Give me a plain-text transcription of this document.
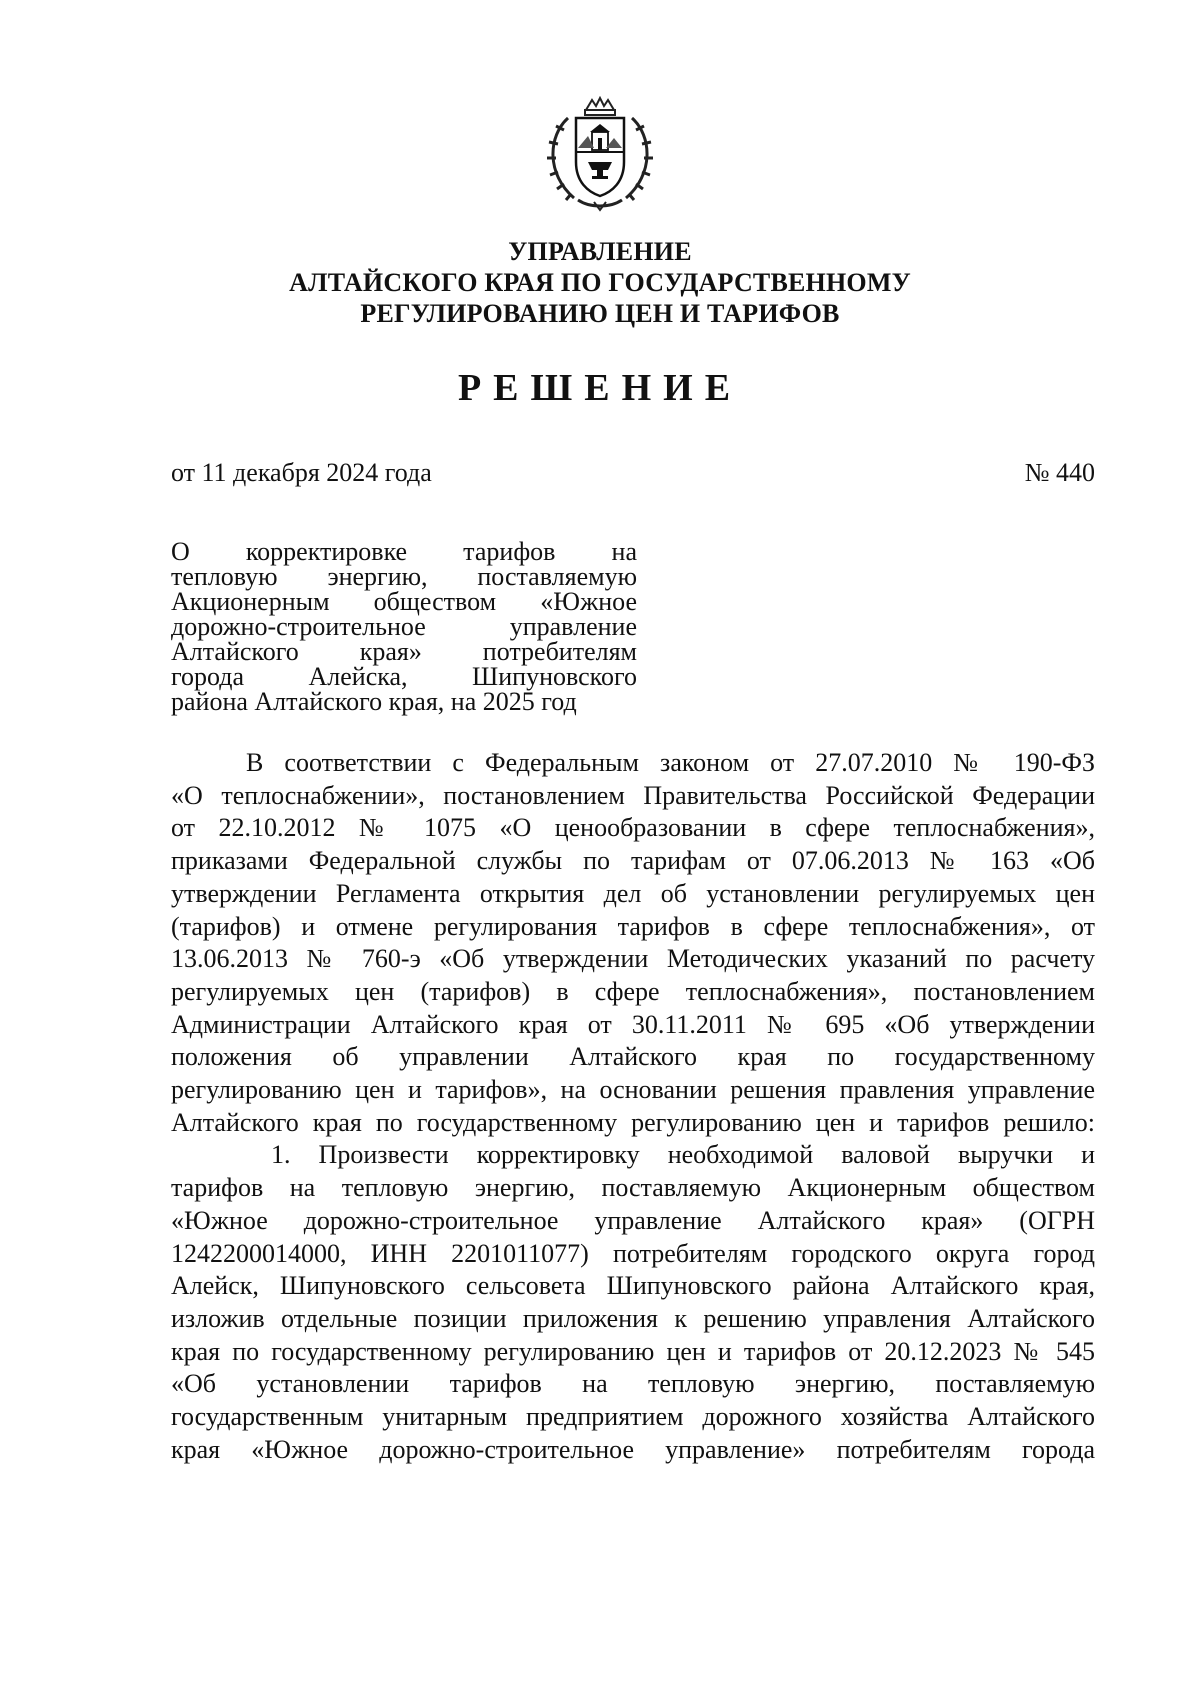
УПРАВЛЕНИЕ
АЛТАЙСКОГО КРАЯ ПО ГОСУДАРСТВЕННОМУ
РЕГУЛИРОВАНИЮ ЦЕН И ТАРИФОВ
РЕШЕНИЕ
от 11 декабря 2024 года	№ 440
О корректировке тарифов на
тепловую энергию, поставляемую
Акционерным обществом «Южное
дорожно-строительное управление
Алтайского края» потребителям
города Алейска, Шипуновского
района Алтайского края, на 2025 год
В соответствии с Федеральным законом от 27.07.2010 № 190-ФЗ
«О теплоснабжении», постановлением Правительства Российской Федерации
от 22.10.2012 № 1075 «О ценообразовании в сфере теплоснабжения»,
приказами Федеральной службы по тарифам от 07.06.2013 № 163 «Об
утверждении Регламента открытия дел об установлении регулируемых цен
(тарифов) и отмене регулирования тарифов в сфере теплоснабжения», от
13.06.2013 № 760-э «Об утверждении Методических указаний по расчету
регулируемых цен (тарифов) в сфере теплоснабжения», постановлением
Администрации Алтайского края от 30.11.2011 № 695 «Об утверждении
положения об управлении Алтайского края по государственному
регулированию цен и тарифов», на основании решения правления управление
Алтайского края по государственному регулированию цен и тарифов решило:
1. Произвести корректировку необходимой валовой выручки и
тарифов на тепловую энергию, поставляемую Акционерным обществом
«Южное дорожно-строительное управление Алтайского края» (ОГРН
1242200014000, ИНН 2201011077) потребителям городского округа город
Алейск, Шипуновского сельсовета Шипуновского района Алтайского края,
изложив отдельные позиции приложения к решению управления Алтайского
края по государственному регулированию цен и тарифов от 20.12.2023 № 545
«Об установлении тарифов на тепловую энергию, поставляемую
государственным унитарным предприятием дорожного хозяйства Алтайского
края «Южное дорожно-строительное управление» потребителям города
